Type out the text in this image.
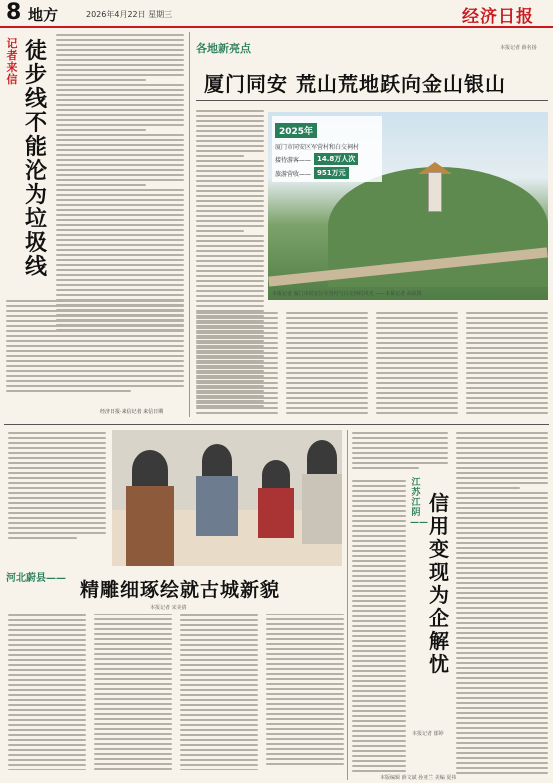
8 地方	2026年4月22日 星期三	经济日报
记者来信
徒步线不能沦为垃圾线
经济日报·来信记者 来信日期
各地新亮点	本报记者 薛名扬
厦门同安 荒山荒地跃向金山银山
2025年
厦门市同安区军营村和白交祠村
接待游客—— 14.8万人次
旅游营收—— 951万元
本报记者 厦门市同安区军营村与白交祠村风光 ——本报记者 高原摄
江苏江阴——
信用变现为企解忧
本报记者 郁婷
河北蔚县——
精雕细琢绘就古城新貌
本报记者 宋美倩
本版编辑 薛文斌 孙亚兰 美编 夏祎
